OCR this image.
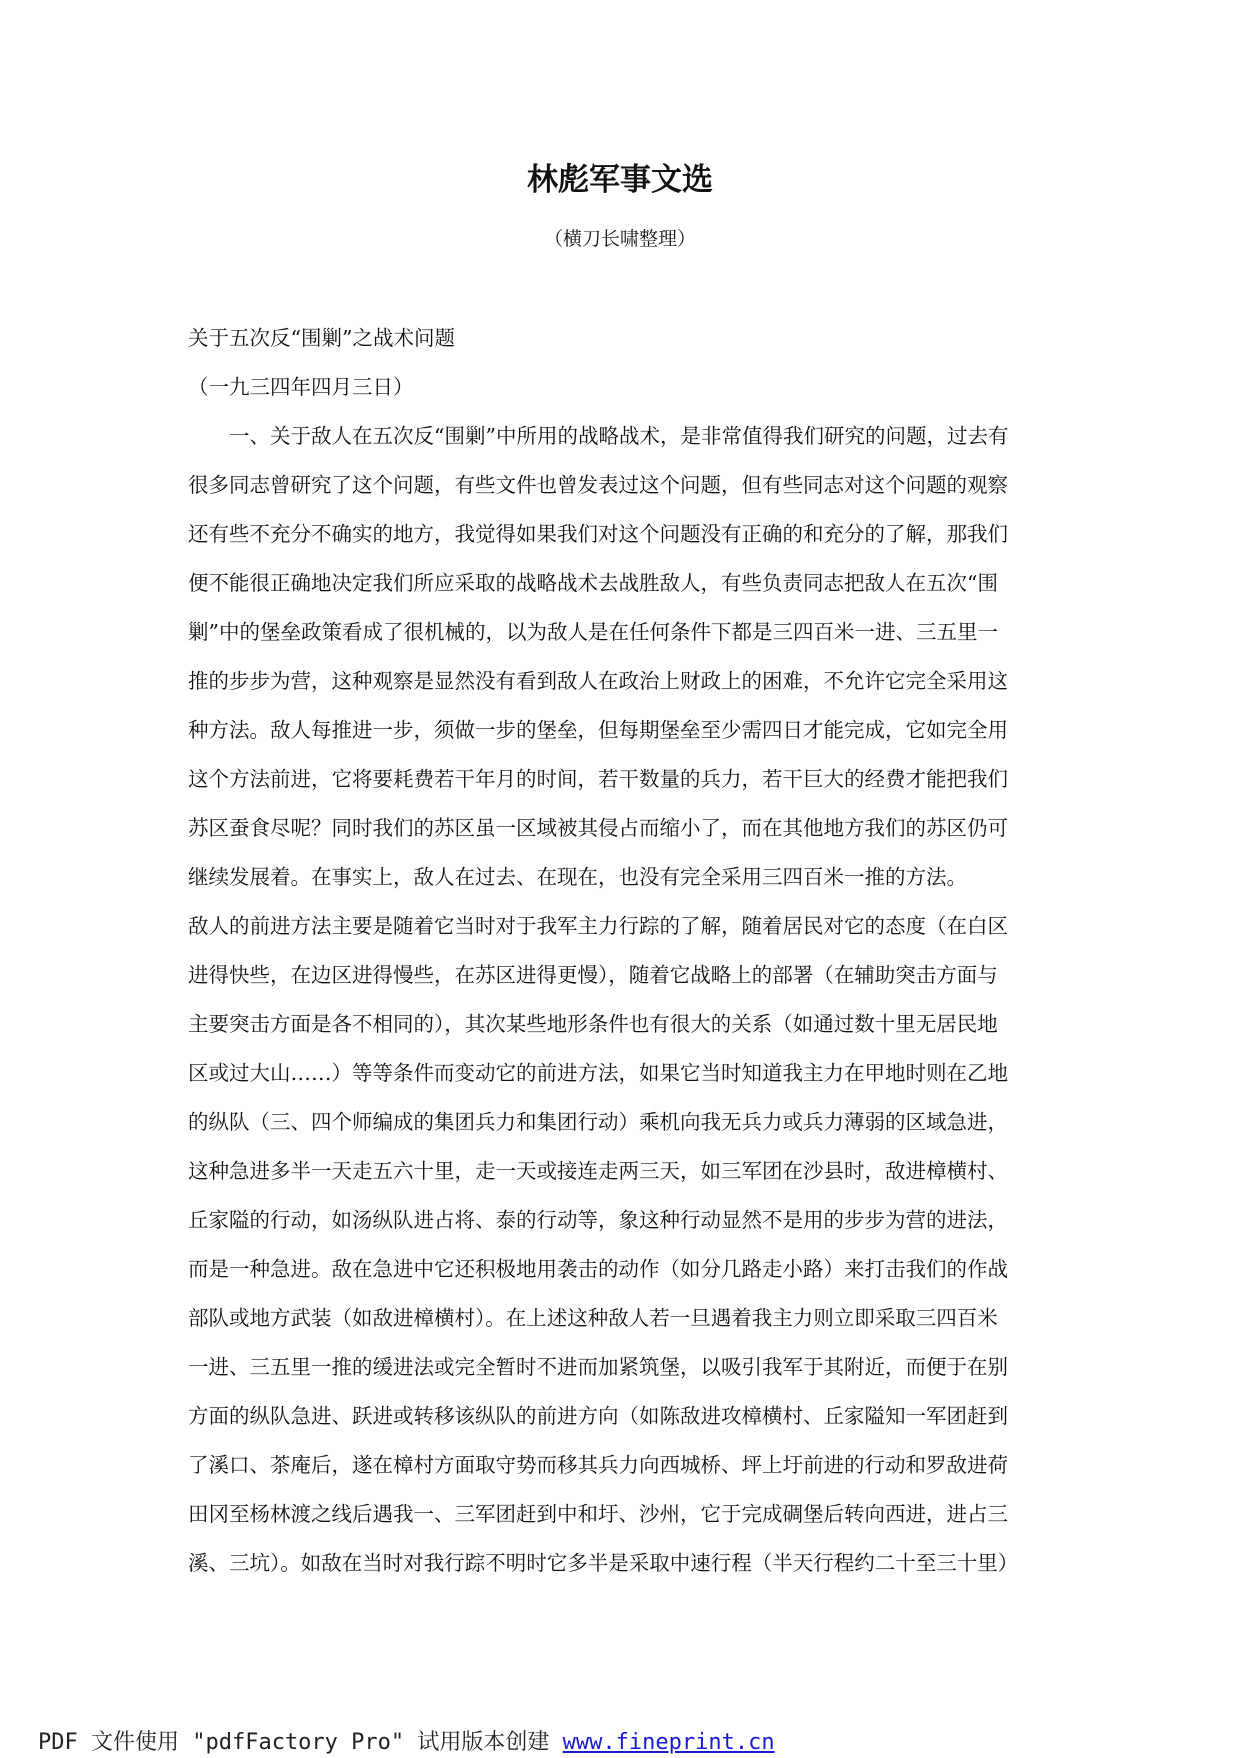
林彪军事文选
（横刀长啸整理）
关于五次反“围剿”之战术问题
（一九三四年四月三日）
一、关于敌人在五次反“围剿”中所用的战略战术，是非常值得我们研究的问题，过去有
很多同志曾研究了这个问题，有些文件也曾发表过这个问题，但有些同志对这个问题的观察
还有些不充分不确实的地方，我觉得如果我们对这个问题没有正确的和充分的了解，那我们
便不能很正确地决定我们所应采取的战略战术去战胜敌人，有些负责同志把敌人在五次“围
剿”中的堡垒政策看成了很机械的，以为敌人是在任何条件下都是三四百米一进、三五里一
推的步步为营，这种观察是显然没有看到敌人在政治上财政上的困难，不允许它完全采用这
种方法。敌人每推进一步，须做一步的堡垒，但每期堡垒至少需四日才能完成，它如完全用
这个方法前进，它将要耗费若干年月的时间，若干数量的兵力，若干巨大的经费才能把我们
苏区蚕食尽呢？同时我们的苏区虽一区域被其侵占而缩小了，而在其他地方我们的苏区仍可
继续发展着。在事实上，敌人在过去、在现在，也没有完全采用三四百米一推的方法。
敌人的前进方法主要是随着它当时对于我军主力行踪的了解，随着居民对它的态度（在白区
进得快些，在边区进得慢些，在苏区进得更慢），随着它战略上的部署（在辅助突击方面与
主要突击方面是各不相同的），其次某些地形条件也有很大的关系（如通过数十里无居民地
区或过大山……）等等条件而变动它的前进方法，如果它当时知道我主力在甲地时则在乙地
的纵队（三、四个师编成的集团兵力和集团行动）乘机向我无兵力或兵力薄弱的区域急进，
这种急进多半一天走五六十里，走一天或接连走两三天，如三军团在沙县时，敌进樟横村、
丘家隘的行动，如汤纵队进占将、泰的行动等，象这种行动显然不是用的步步为营的进法，
而是一种急进。敌在急进中它还积极地用袭击的动作（如分几路走小路）来打击我们的作战
部队或地方武装（如敌进樟横村）。在上述这种敌人若一旦遇着我主力则立即采取三四百米
一进、三五里一推的缓进法或完全暂时不进而加紧筑堡，以吸引我军于其附近，而便于在别
方面的纵队急进、跃进或转移该纵队的前进方向（如陈敌进攻樟横村、丘家隘知一军团赶到
了溪口、茶庵后，遂在樟村方面取守势而移其兵力向西城桥、坪上圩前进的行动和罗敌进荷
田冈至杨林渡之线后遇我一、三军团赶到中和圩、沙州，它于完成碉堡后转向西进，进占三
溪、三坑）。如敌在当时对我行踪不明时它多半是采取中速行程（半天行程约二十至三十里）
PDF 文件使用 "pdfFactory Pro" 试用版本创建 www.fineprint.cn
